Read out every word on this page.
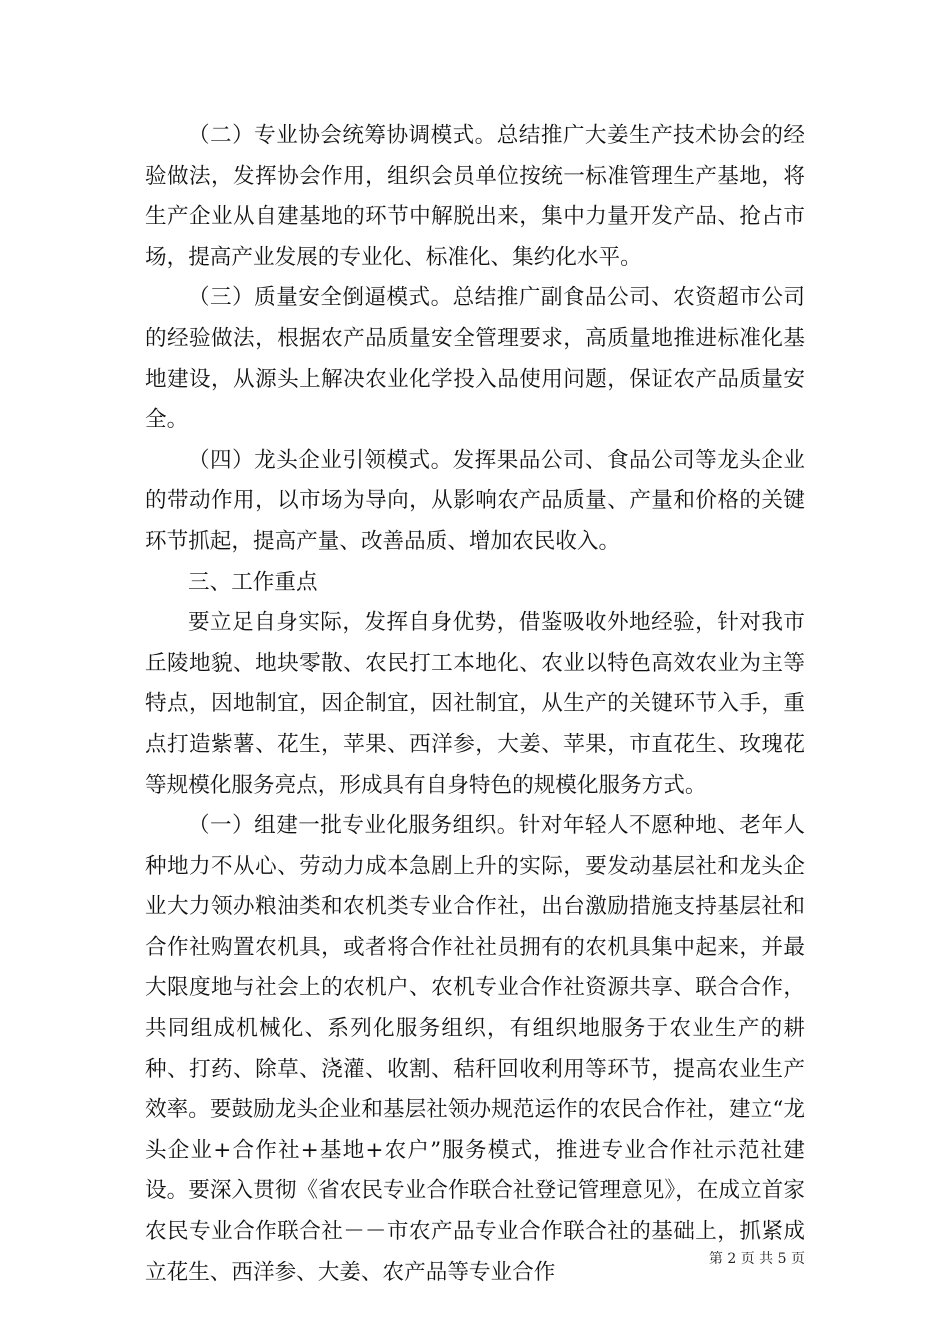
（二）专业协会统筹协调模式。总结推广大姜生产技术协会的经验做法，发挥协会作用，组织会员单位按统一标准管理生产基地，将生产企业从自建基地的环节中解脱出来，集中力量开发产品、抢占市场，提高产业发展的专业化、标准化、集约化水平。

（三）质量安全倒逼模式。总结推广副食品公司、农资超市公司的经验做法，根据农产品质量安全管理要求，高质量地推进标准化基地建设，从源头上解决农业化学投入品使用问题，保证农产品质量安全。

（四）龙头企业引领模式。发挥果品公司、食品公司等龙头企业的带动作用，以市场为导向，从影响农产品质量、产量和价格的关键环节抓起，提高产量、改善品质、增加农民收入。

三、工作重点

要立足自身实际，发挥自身优势，借鉴吸收外地经验，针对我市丘陵地貌、地块零散、农民打工本地化、农业以特色高效农业为主等特点，因地制宜，因企制宜，因社制宜，从生产的关键环节入手，重点打造紫薯、花生，苹果、西洋参，大姜、苹果，市直花生、玫瑰花等规模化服务亮点，形成具有自身特色的规模化服务方式。

（一）组建一批专业化服务组织。针对年轻人不愿种地、老年人种地力不从心、劳动力成本急剧上升的实际，要发动基层社和龙头企业大力领办粮油类和农机类专业合作社，出台激励措施支持基层社和合作社购置农机具，或者将合作社社员拥有的农机具集中起来，并最大限度地与社会上的农机户、农机专业合作社资源共享、联合合作，共同组成机械化、系列化服务组织，有组织地服务于农业生产的耕种、打药、除草、浇灌、收割、秸秆回收利用等环节，提高农业生产效率。要鼓励龙头企业和基层社领办规范运作的农民合作社，建立“龙头企业+合作社+基地+农户”服务模式，推进专业合作社示范社建设。要深入贯彻《省农民专业合作联合社登记管理意见》，在成立首家农民专业合作联合社－－市农产品专业合作联合社的基础上，抓紧成立花生、西洋参、大姜、农产品等专业合作

第 2 页 共 5 页
